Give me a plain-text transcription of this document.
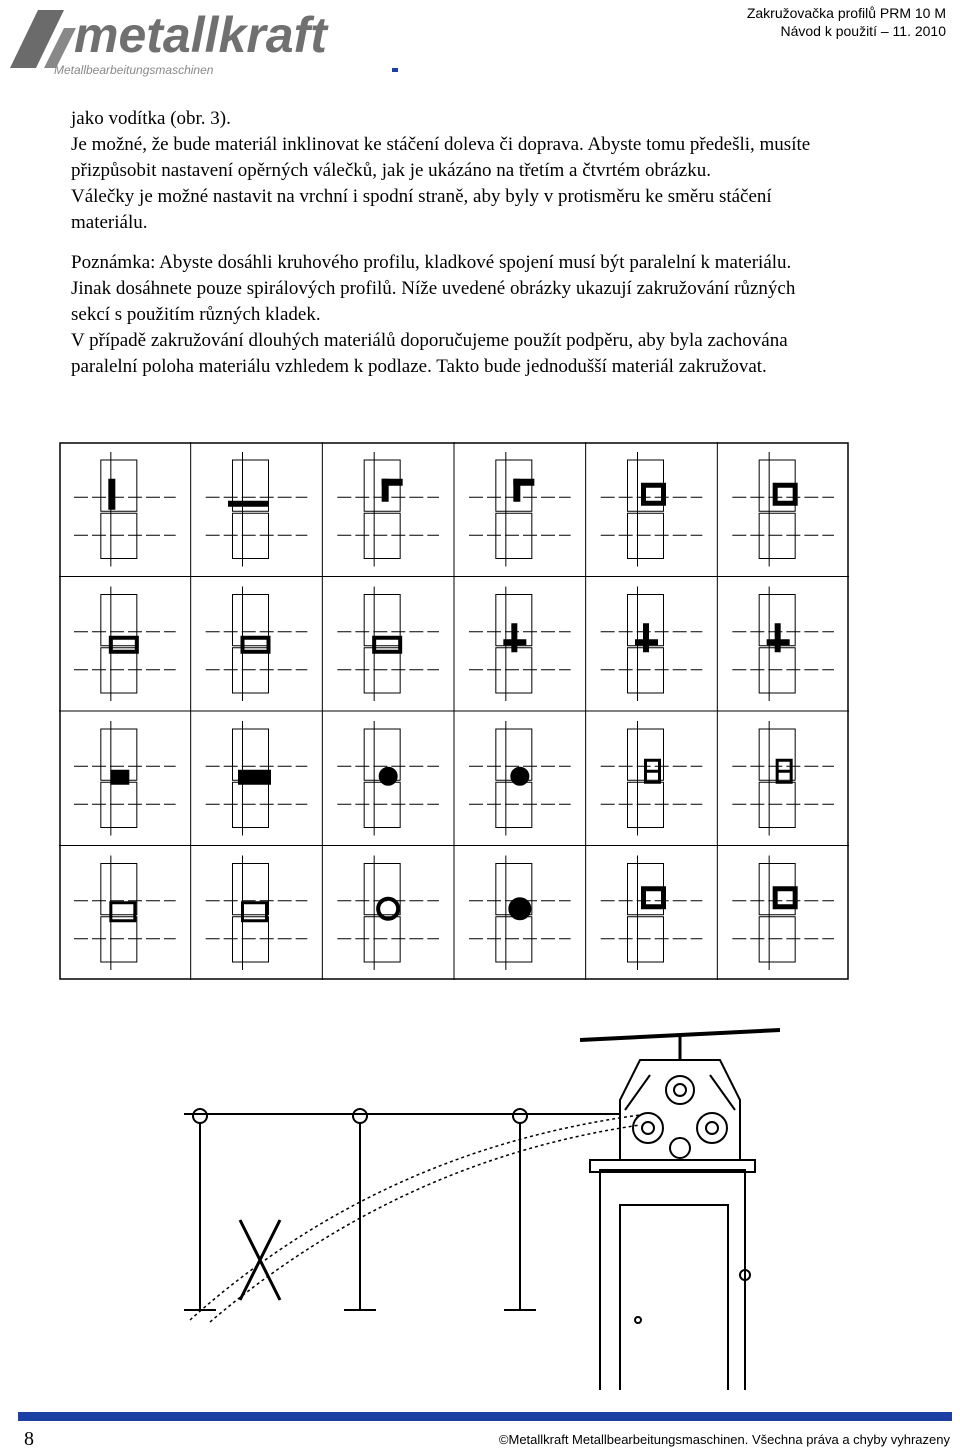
metallkraft
Metallbearbeitungsmaschinen
Zakružovačka profilů PRM 10 M
Návod k použití – 11. 2010

jako vodítka (obr. 3).

Je možné, že bude materiál inklinovat ke stáčení doleva či doprava. Abyste tomu předešli, musíte

přizpůsobit nastavení opěrných válečků, jak je ukázáno na třetím a čtvrtém obrázku.

Válečky je možné nastavit na vrchní i spodní straně, aby byly v protisměru ke směru stáčení

materiálu.

Poznámka: Abyste dosáhli kruhového profilu, kladkové spojení musí být paralelní k materiálu.

Jinak dosáhnete pouze spirálových profilů. Níže uvedené obrázky ukazují zakružování různých

sekcí s použitím různých kladek.

V případě zakružování dlouhých materiálů doporučujeme použít podpěru, aby byla zachována

paralelní poloha materiálu vzhledem k podlaze. Takto bude jednodušší materiál zakružovat.

8	©Metallkraft Metallbearbeitungsmaschinen. Všechna práva a chyby vyhrazeny
